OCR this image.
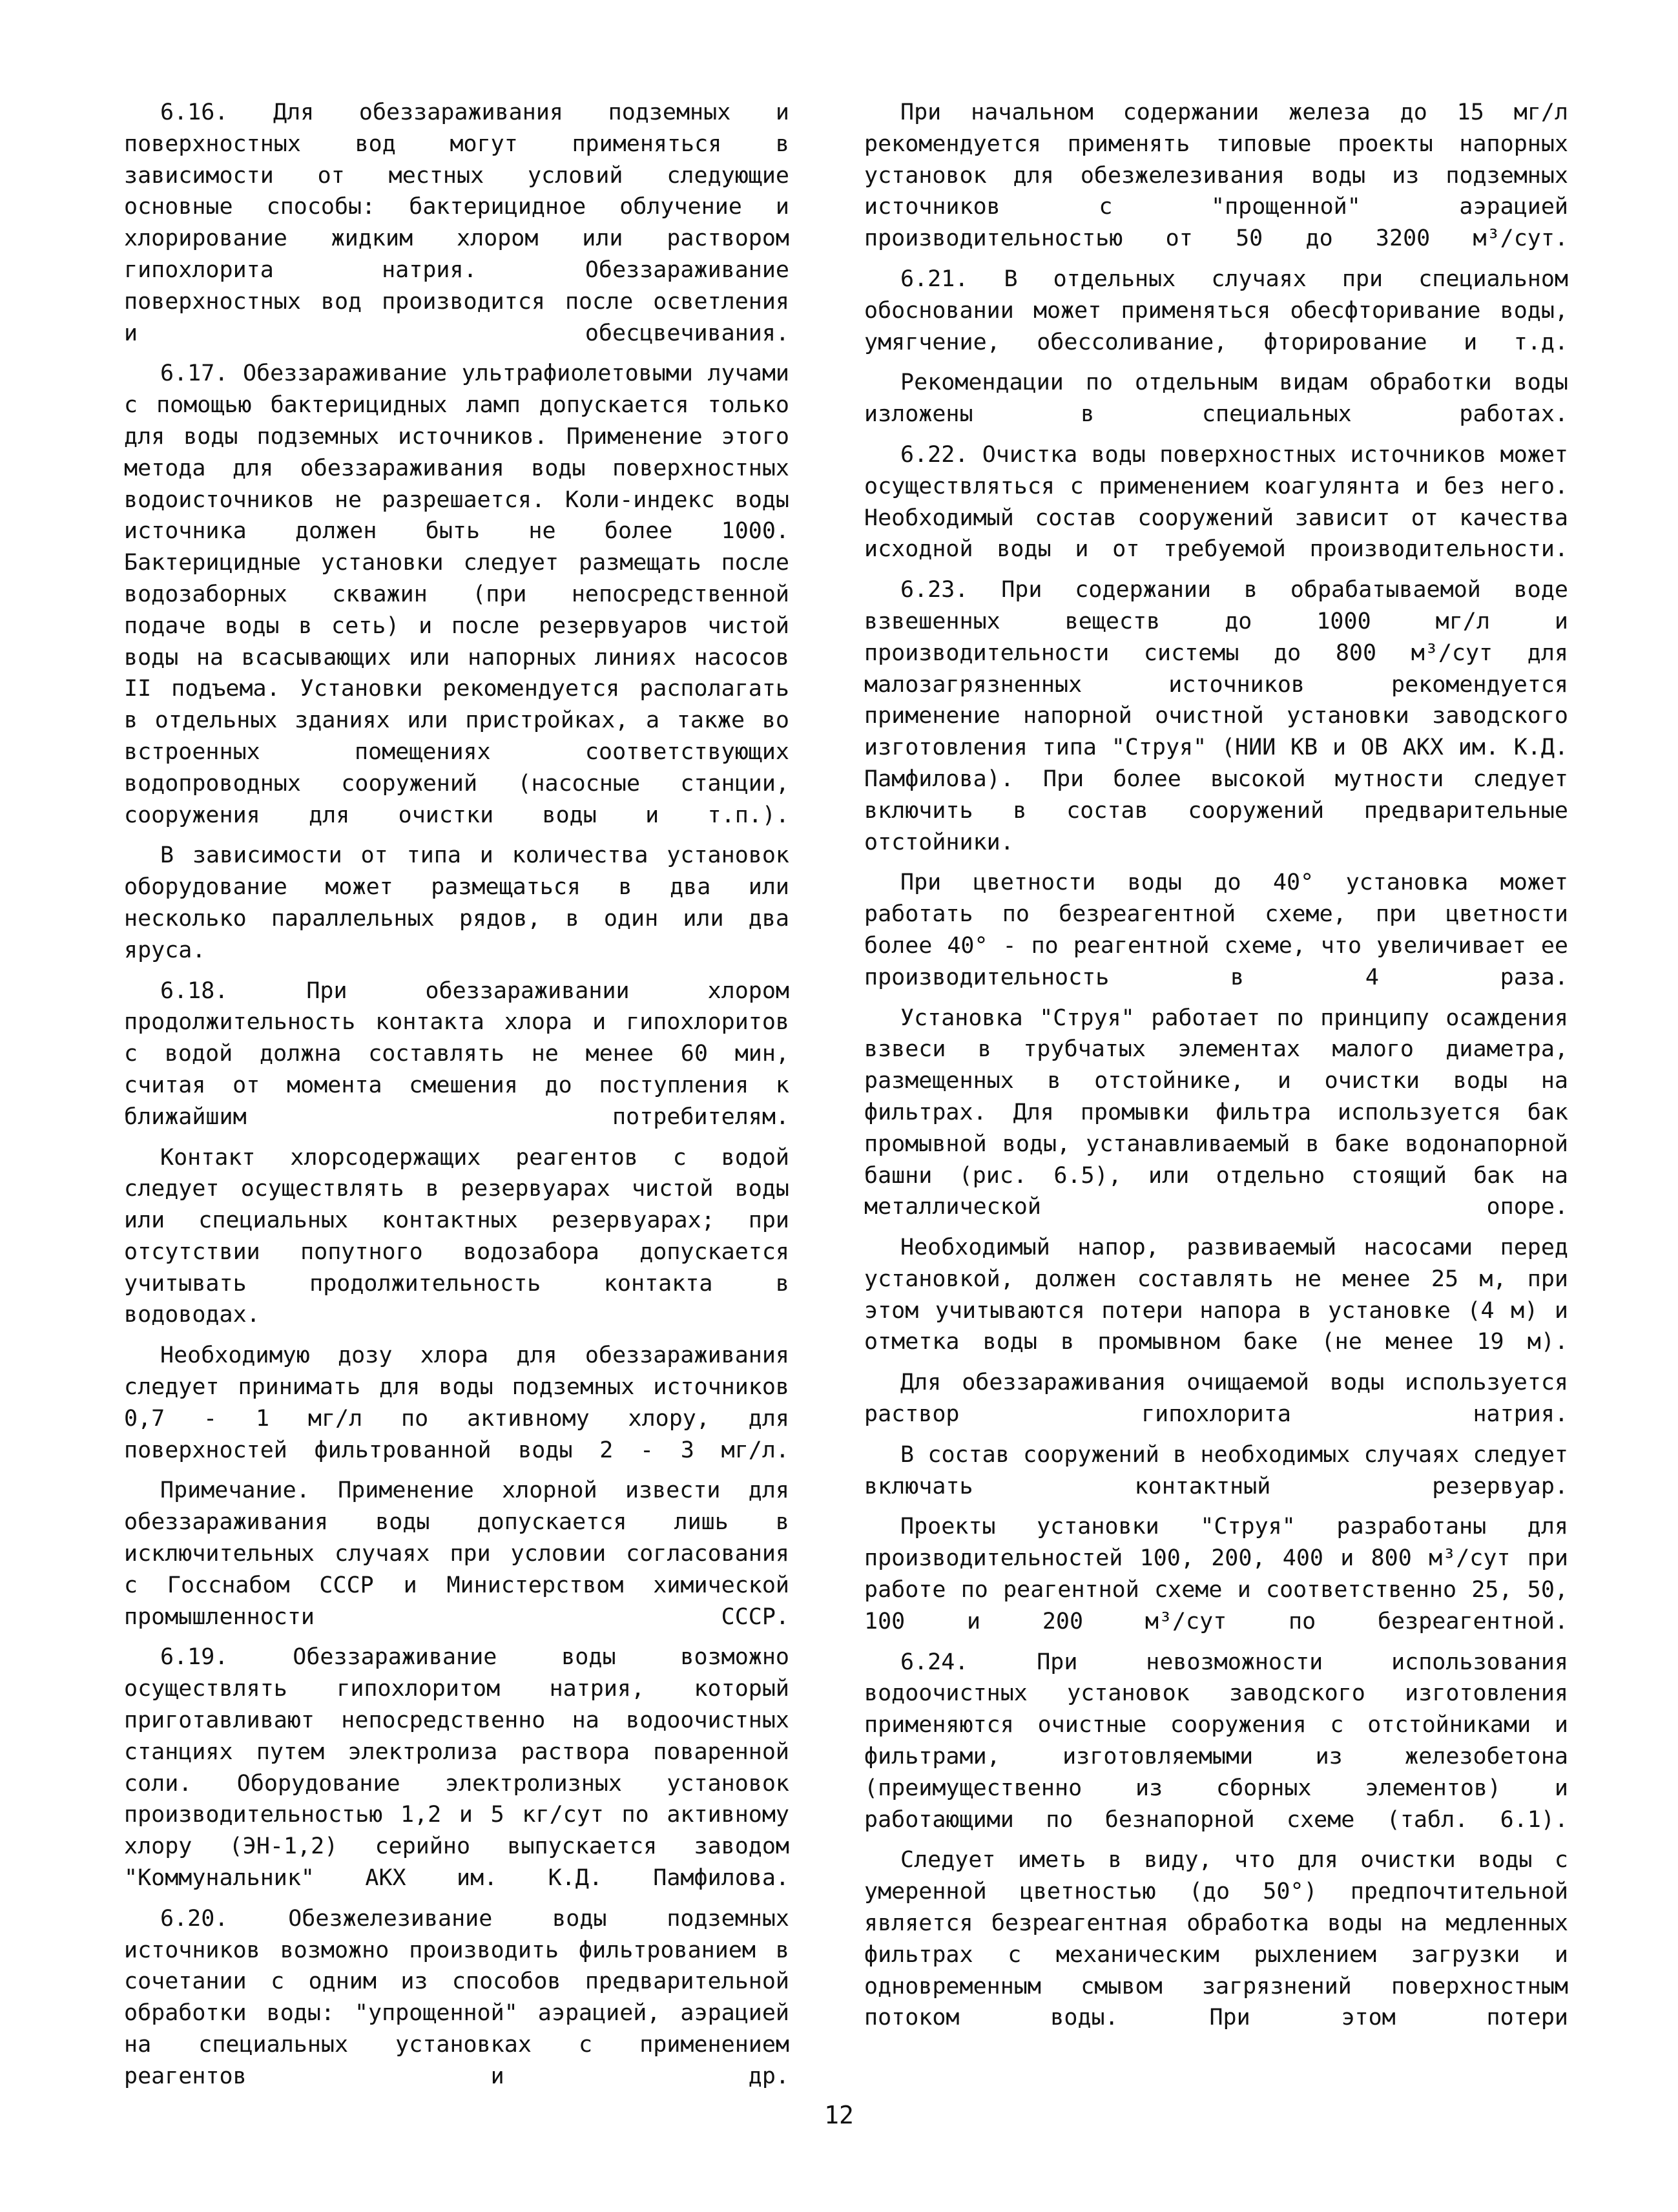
6.16. Для обеззараживания подземных и поверхностных вод могут применяться в зависимости от местных условий следующие основные способы: бактерицидное облучение и хлорирование жидким хлором или раствором гипохлорита натрия. Обеззараживание поверхностных вод производится после осветления и обесцвечивания.

6.17. Обеззараживание ультрафиолетовыми лучами с помощью бактерицидных ламп допускается только для воды подземных источников. Применение этого метода для обеззараживания воды поверхностных водоисточников не разрешается. Коли-индекс воды источника должен быть не более 1000. Бактерицидные установки следует размещать после водозаборных скважин (при непосредственной подаче воды в сеть) и после резервуаров чистой воды на всасывающих или напорных линиях насосов II подъема. Установки рекомендуется располагать в отдельных зданиях или пристройках, а также во встроенных помещениях соответствующих водопроводных сооружений (насосные станции, сооружения для очистки воды и т.п.).

В зависимости от типа и количества установок оборудование может размещаться в два или несколько параллельных рядов, в один или два яруса.

6.18. При обеззараживании хлором продолжительность контакта хлора и гипохлоритов с водой должна составлять не менее 60 мин, считая от момента смешения до поступления к ближайшим потребителям.

Контакт хлорсодержащих реагентов с водой следует осуществлять в резервуарах чистой воды или специальных контактных резервуарах; при отсутствии попутного водозабора допускается учитывать продолжительность контакта в водоводах.

Необходимую дозу хлора для обеззараживания следует принимать для воды подземных источников 0,7 - 1 мг/л по активному хлору, для поверхностей фильтрованной воды 2 - 3 мг/л.

Примечание. Применение хлорной извести для обеззараживания воды допускается лишь в исключительных случаях при условии согласования с Госснабом СССР и Министерством химической промышленности СССР.

6.19. Обеззараживание воды возможно осуществлять гипохлоритом натрия, который приготавливают непосредственно на водоочистных станциях путем электролиза раствора поваренной соли. Оборудование электролизных установок производительностью 1,2 и 5 кг/сут по активному хлору (ЭН-1,2) серийно выпускается заводом "Коммунальник" АКХ им. К.Д. Памфилова.

6.20. Обезжелезивание воды подземных источников возможно производить фильтрованием в сочетании с одним из способов предварительной обработки воды: "упрощенной" аэрацией, аэрацией на специальных установках с применением реагентов и др.

При начальном содержании железа до 15 мг/л рекомендуется применять типовые проекты напорных установок для обезжелезивания воды из подземных источников с "прощенной" аэрацией производительностью от 50 до 3200 м³/сут.

6.21. В отдельных случаях при специальном обосновании может применяться обесфторивание воды, умягчение, обессоливание, фторирование и т.д.

Рекомендации по отдельным видам обработки воды изложены в специальных работах.

6.22. Очистка воды поверхностных источников может осуществляться с применением коагулянта и без него. Необходимый состав сооружений зависит от качества исходной воды и от требуемой производительности.

6.23. При содержании в обрабатываемой воде взвешенных веществ до 1000 мг/л и производительности системы до 800 м³/сут для малозагрязненных источников рекомендуется применение напорной очистной установки заводского изготовления типа "Струя" (НИИ КВ и ОВ АКХ им. К.Д. Памфилова). При более высокой мутности следует включить в состав сооружений предварительные отстойники.

При цветности воды до 40° установка может работать по безреагентной схеме, при цветности более 40° - по реагентной схеме, что увеличивает ее производительность в 4 раза.

Установка "Струя" работает по принципу осаждения взвеси в трубчатых элементах малого диаметра, размещенных в отстойнике, и очистки воды на фильтрах. Для промывки фильтра используется бак промывной воды, устанавливаемый в баке водонапорной башни (рис. 6.5), или отдельно стоящий бак на металлической опоре.

Необходимый напор, развиваемый насосами перед установкой, должен составлять не менее 25 м, при этом учитываются потери напора в установке (4 м) и отметка воды в промывном баке (не менее 19 м).

Для обеззараживания очищаемой воды используется раствор гипохлорита натрия.

В состав сооружений в необходимых случаях следует включать контактный резервуар.

Проекты установки "Струя" разработаны для производительностей 100, 200, 400 и 800 м³/сут при работе по реагентной схеме и соответственно 25, 50, 100 и 200 м³/сут по безреагентной.

6.24. При невозможности использования водоочистных установок заводского изготовления применяются очистные сооружения с отстойниками и фильтрами, изготовляемыми из железобетона (преимущественно из сборных элементов) и работающими по безнапорной схеме (табл. 6.1).

Следует иметь в виду, что для очистки воды с умеренной цветностью (до 50°) предпочтительной является безреагентная обработка воды на медленных фильтрах с механическим рыхлением загрузки и одновременным смывом загрязнений поверхностным потоком воды. При этом потери

12
